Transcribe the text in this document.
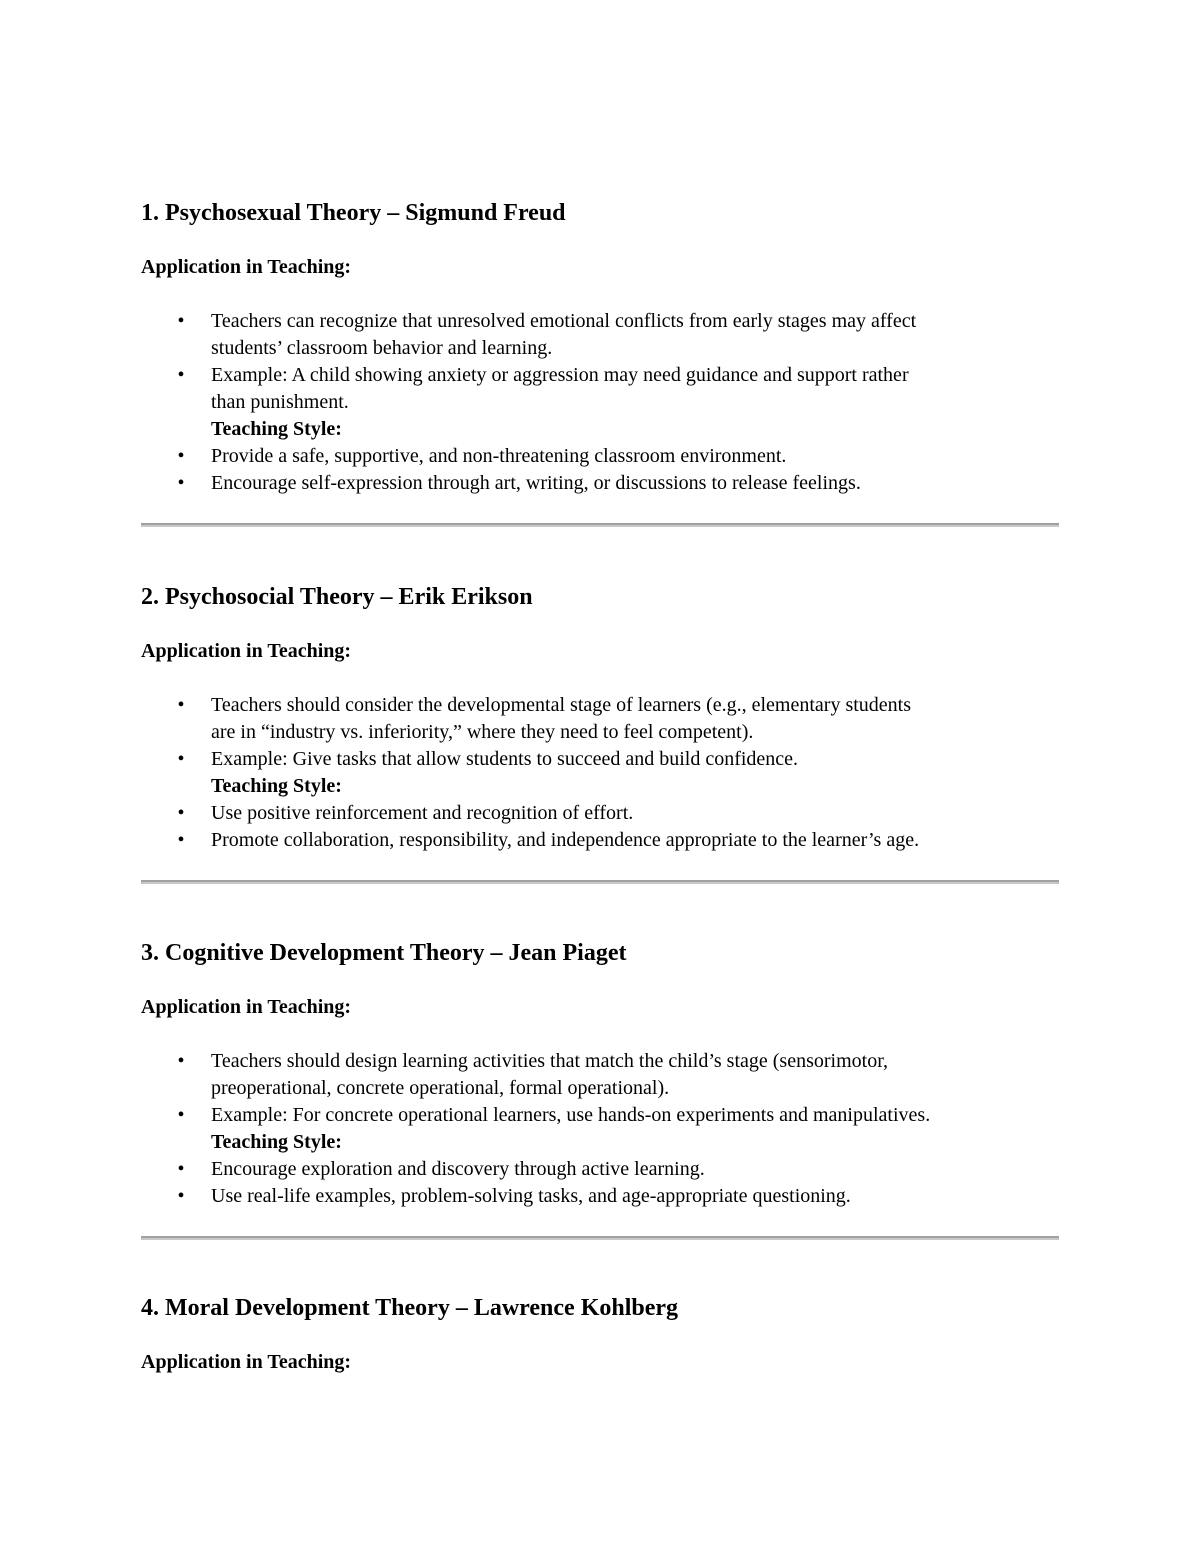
1. Psychosexual Theory – Sigmund Freud

Application in Teaching:

• Teachers can recognize that unresolved emotional conflicts from early stages may affect
students’ classroom behavior and learning.
• Example: A child showing anxiety or aggression may need guidance and support rather
than punishment.
Teaching Style:
• Provide a safe, supportive, and non-threatening classroom environment.
• Encourage self-expression through art, writing, or discussions to release feelings.
2. Psychosocial Theory – Erik Erikson

Application in Teaching:

• Teachers should consider the developmental stage of learners (e.g., elementary students
are in “industry vs. inferiority,” where they need to feel competent).
• Example: Give tasks that allow students to succeed and build confidence.
Teaching Style:
• Use positive reinforcement and recognition of effort.
• Promote collaboration, responsibility, and independence appropriate to the learner’s age.
3. Cognitive Development Theory – Jean Piaget

Application in Teaching:

• Teachers should design learning activities that match the child’s stage (sensorimotor,
preoperational, concrete operational, formal operational).
• Example: For concrete operational learners, use hands-on experiments and manipulatives.
Teaching Style:
• Encourage exploration and discovery through active learning.
• Use real-life examples, problem-solving tasks, and age-appropriate questioning.
4. Moral Development Theory – Lawrence Kohlberg

Application in Teaching:
